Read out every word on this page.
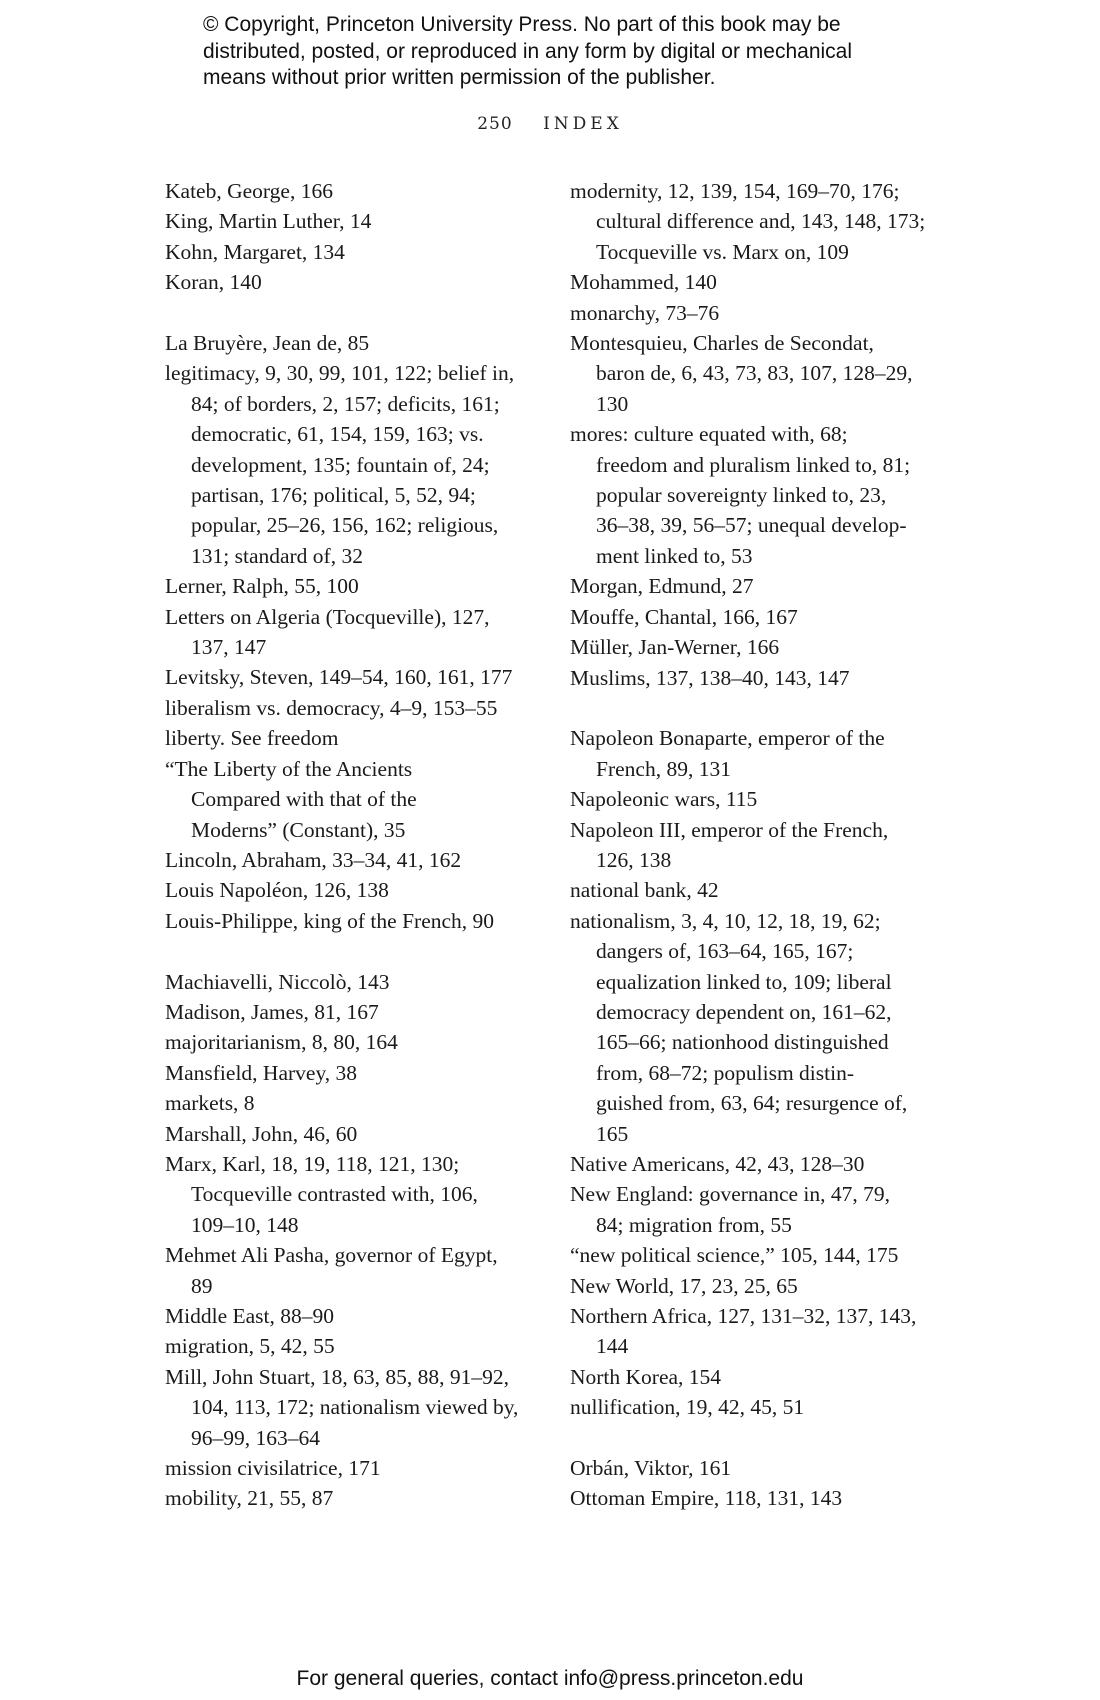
© Copyright, Princeton University Press. No part of this book may be
distributed, posted, or reproduced in any form by digital or mechanical
means without prior written permission of the publisher.
250 INDEX
Kateb, George, 166
King, Martin Luther, 14
Kohn, Margaret, 134
Koran, 140
La Bruyère, Jean de, 85
legitimacy, 9, 30, 99, 101, 122; belief in,
84; of borders, 2, 157; deficits, 161;
democratic, 61, 154, 159, 163; vs.
development, 135; fountain of, 24;
partisan, 176; political, 5, 52, 94;
popular, 25–26, 156, 162; religious,
131; standard of, 32
Lerner, Ralph, 55, 100
Letters on Algeria (Tocqueville), 127,
137, 147
Levitsky, Steven, 149–54, 160, 161, 177
liberalism vs. democracy, 4–9, 153–55
liberty. See freedom
“The Liberty of the Ancients
Compared with that of the
Moderns” (Constant), 35
Lincoln, Abraham, 33–34, 41, 162
Louis Napoléon, 126, 138
Louis-Philippe, king of the French, 90
Machiavelli, Niccolò, 143
Madison, James, 81, 167
majoritarianism, 8, 80, 164
Mansfield, Harvey, 38
markets, 8
Marshall, John, 46, 60
Marx, Karl, 18, 19, 118, 121, 130;
Tocqueville contrasted with, 106,
109–10, 148
Mehmet Ali Pasha, governor of Egypt,
89
Middle East, 88–90
migration, 5, 42, 55
Mill, John Stuart, 18, 63, 85, 88, 91–92,
104, 113, 172; nationalism viewed by,
96–99, 163–64
mission civisilatrice, 171
mobility, 21, 55, 87
modernity, 12, 139, 154, 169–70, 176;
cultural difference and, 143, 148, 173;
Tocqueville vs. Marx on, 109
Mohammed, 140
monarchy, 73–76
Montesquieu, Charles de Secondat,
baron de, 6, 43, 73, 83, 107, 128–29,
130
mores: culture equated with, 68;
freedom and pluralism linked to, 81;
popular sovereignty linked to, 23,
36–38, 39, 56–57; unequal develop-
ment linked to, 53
Morgan, Edmund, 27
Mouffe, Chantal, 166, 167
Müller, Jan-Werner, 166
Muslims, 137, 138–40, 143, 147
Napoleon Bonaparte, emperor of the
French, 89, 131
Napoleonic wars, 115
Napoleon III, emperor of the French,
126, 138
national bank, 42
nationalism, 3, 4, 10, 12, 18, 19, 62;
dangers of, 163–64, 165, 167;
equalization linked to, 109; liberal
democracy dependent on, 161–62,
165–66; nationhood distinguished
from, 68–72; populism distin-
guished from, 63, 64; resurgence of,
165
Native Americans, 42, 43, 128–30
New England: governance in, 47, 79,
84; migration from, 55
“new political science,” 105, 144, 175
New World, 17, 23, 25, 65
Northern Africa, 127, 131–32, 137, 143,
144
North Korea, 154
nullification, 19, 42, 45, 51
Orbán, Viktor, 161
Ottoman Empire, 118, 131, 143
For general queries, contact info@press.princeton.edu
